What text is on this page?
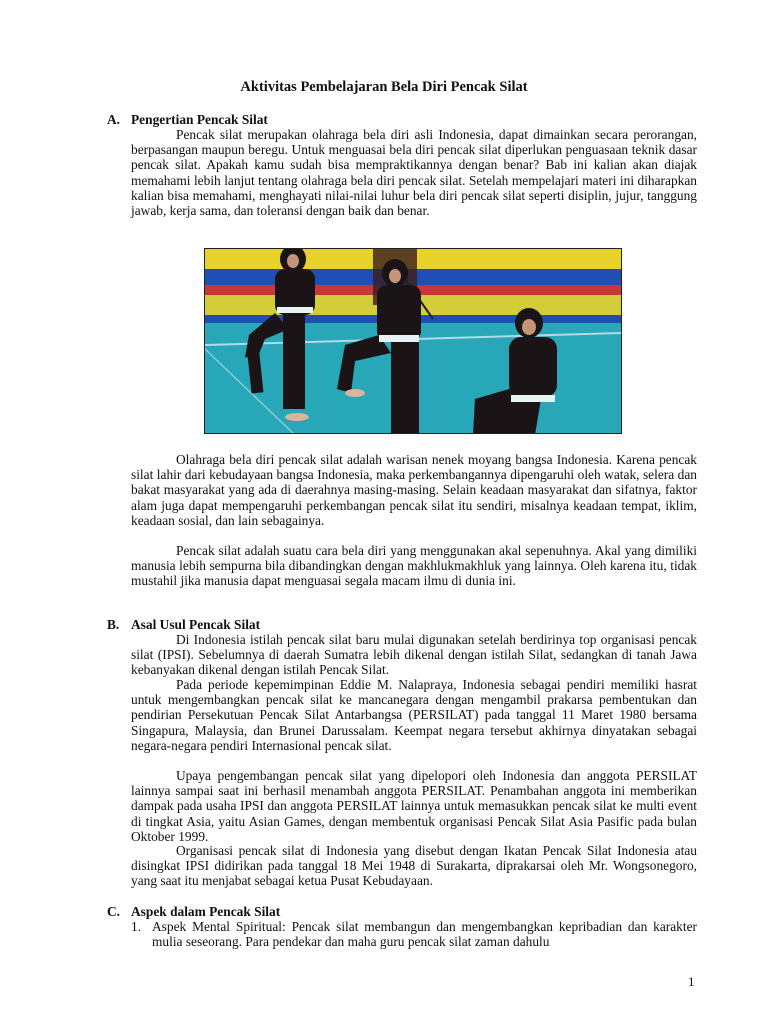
Aktivitas Pembelajaran Bela Diri Pencak Silat
A. Pengertian Pencak Silat

Pencak silat merupakan olahraga bela diri asli Indonesia, dapat dimainkan secara perorangan, berpasangan maupun beregu. Untuk menguasai bela diri pencak silat diperlukan penguasaan teknik dasar pencak silat. Apakah kamu sudah bisa mempraktikannya dengan benar? Bab ini kalian akan diajak memahami lebih lanjut tentang olahraga bela diri pencak silat. Setelah mempelajari materi ini diharapkan kalian bisa memahami, menghayati nilai-nilai luhur bela diri pencak silat seperti disiplin, jujur, tanggung jawab, kerja sama, dan toleransi dengan baik dan benar.

Olahraga bela diri pencak silat adalah warisan nenek moyang bangsa Indonesia. Karena pencak silat lahir dari kebudayaan bangsa Indonesia, maka perkembangannya dipengaruhi oleh watak, selera dan bakat masyarakat yang ada di daerahnya masing-masing. Selain keadaan masyarakat dan sifatnya, faktor alam juga dapat mempengaruhi perkembangan pencak silat itu sendiri, misalnya keadaan tempat, iklim, keadaan sosial, dan lain sebagainya.

Pencak silat adalah suatu cara bela diri yang menggunakan akal sepenuhnya. Akal yang dimiliki manusia lebih sempurna bila dibandingkan dengan makhlukmakhluk yang lainnya. Oleh karena itu, tidak mustahil jika manusia dapat menguasai segala macam ilmu di dunia ini.

B. Asal Usul Pencak Silat

Di Indonesia istilah pencak silat baru mulai digunakan setelah berdirinya top organisasi pencak silat (IPSI). Sebelumnya di daerah Sumatra lebih dikenal dengan istilah Silat, sedangkan di tanah Jawa kebanyakan dikenal dengan istilah Pencak Silat.

Pada periode kepemimpinan Eddie M. Nalapraya, Indonesia sebagai pendiri memiliki hasrat untuk mengembangkan pencak silat ke mancanegara dengan mengambil prakarsa pembentukan dan pendirian Persekutuan Pencak Silat Antarbangsa (PERSILAT) pada tanggal 11 Maret 1980 bersama Singapura, Malaysia, dan Brunei Darussalam. Keempat negara tersebut akhirnya dinyatakan sebagai negara-negara pendiri Internasional pencak silat.

Upaya pengembangan pencak silat yang dipelopori oleh Indonesia dan anggota PERSILAT lainnya sampai saat ini berhasil menambah anggota PERSILAT. Penambahan anggota ini memberikan dampak pada usaha IPSI dan anggota PERSILAT lainnya untuk memasukkan pencak silat ke multi event di tingkat Asia, yaitu Asian Games, dengan membentuk organisasi Pencak Silat Asia Pasific pada bulan Oktober 1999.

Organisasi pencak silat di Indonesia yang disebut dengan Ikatan Pencak Silat Indonesia atau disingkat IPSI didirikan pada tanggal 18 Mei 1948 di Surakarta, diprakarsai oleh Mr. Wongsonegoro, yang saat itu menjabat sebagai ketua Pusat Kebudayaan.

C. Aspek dalam Pencak Silat
1. Aspek Mental Spiritual: Pencak silat membangun dan mengembangkan kepribadian dan karakter mulia seseorang. Para pendekar dan maha guru pencak silat zaman dahulu
1
